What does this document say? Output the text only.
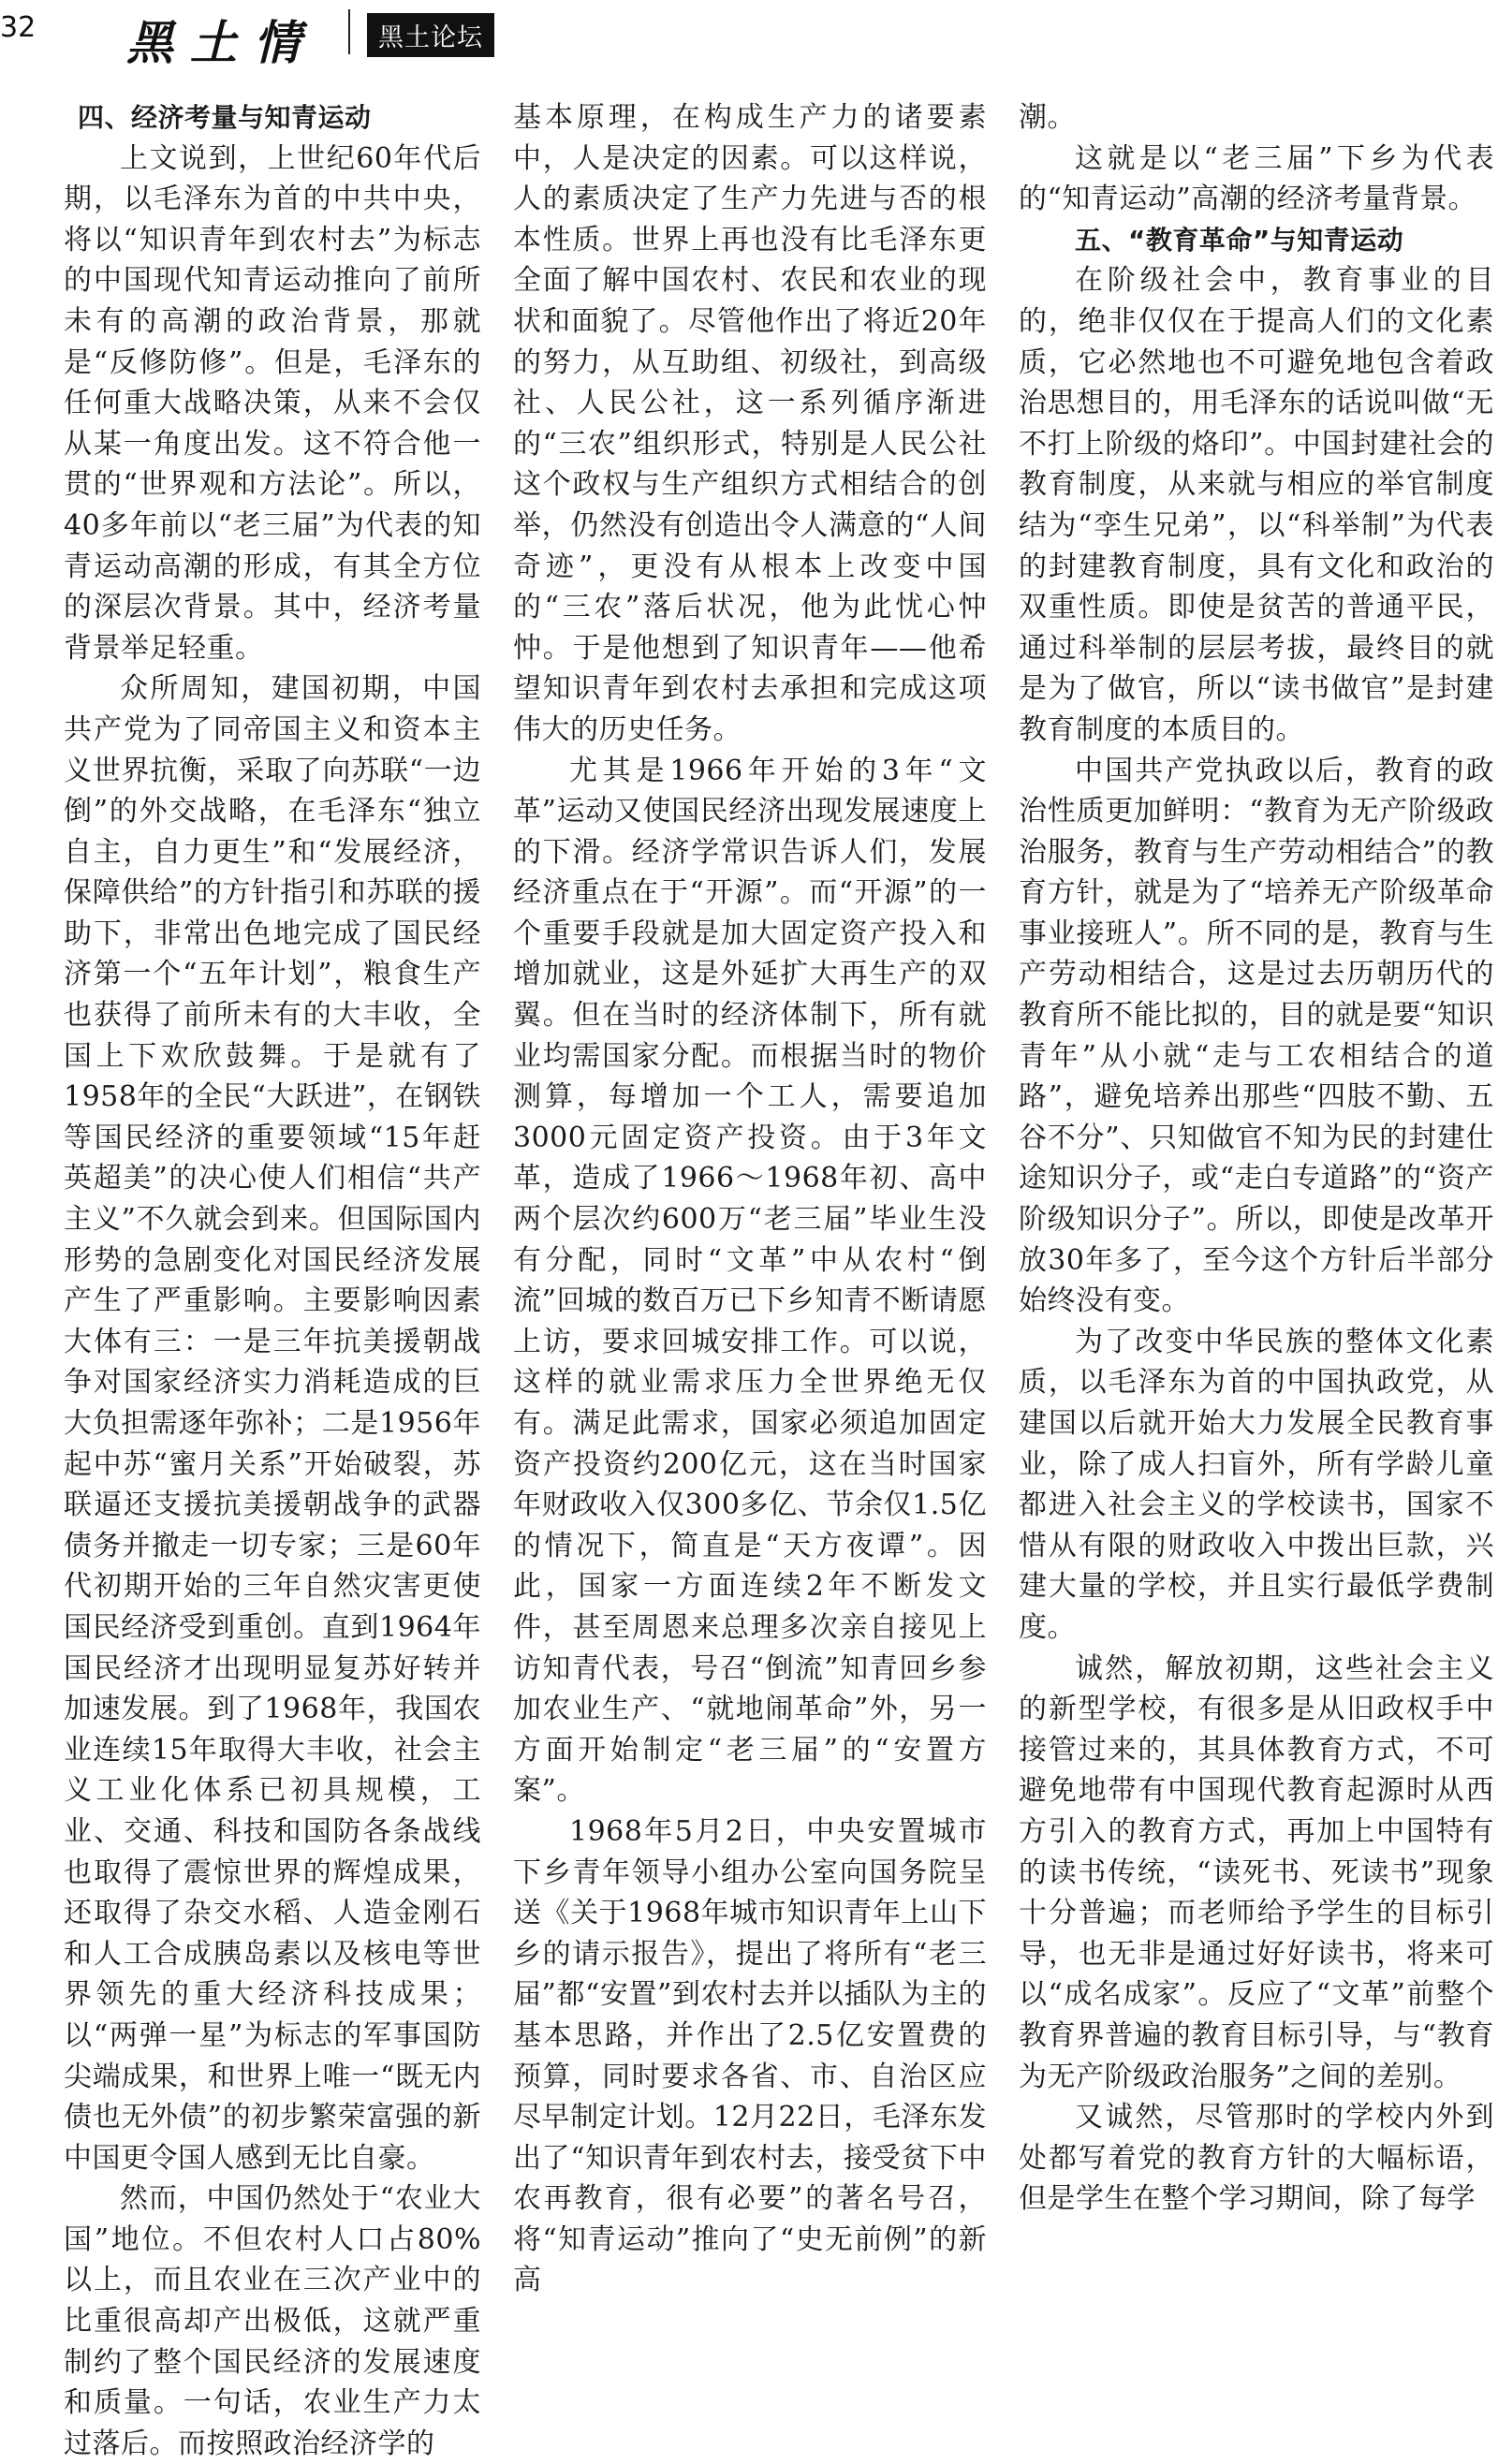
32 黑土情	黑土论坛
四、经济考量与知青运动

上文说到，上世纪60年代后期，以毛泽东为首的中共中央，将以“知识青年到农村去”为标志的中国现代知青运动推向了前所未有的高潮的政治背景，那就是“反修防修”。但是，毛泽东的任何重大战略决策，从来不会仅从某一角度出发。这不符合他一贯的“世界观和方法论”。所以，40多年前以“老三届”为代表的知青运动高潮的形成，有其全方位的深层次背景。其中，经济考量背景举足轻重。

众所周知，建国初期，中国共产党为了同帝国主义和资本主义世界抗衡，采取了向苏联“一边倒”的外交战略，在毛泽东“独立自主，自力更生”和“发展经济，保障供给”的方针指引和苏联的援助下，非常出色地完成了国民经济第一个“五年计划”，粮食生产也获得了前所未有的大丰收，全国上下欢欣鼓舞。于是就有了1958年的全民“大跃进”，在钢铁等国民经济的重要领域“15年赶英超美”的决心使人们相信“共产主义”不久就会到来。但国际国内形势的急剧变化对国民经济发展产生了严重影响。主要影响因素大体有三：一是三年抗美援朝战争对国家经济实力消耗造成的巨大负担需逐年弥补；二是1956年起中苏“蜜月关系”开始破裂，苏联逼还支援抗美援朝战争的武器债务并撤走一切专家；三是60年代初期开始的三年自然灾害更使国民经济受到重创。直到1964年国民经济才出现明显复苏好转并加速发展。到了1968年，我国农业连续15年取得大丰收，社会主义工业化体系已初具规模，工业、交通、科技和国防各条战线也取得了震惊世界的辉煌成果，还取得了杂交水稻、人造金刚石和人工合成胰岛素以及核电等世界领先的重大经济科技成果；以“两弹一星”为标志的军事国防尖端成果，和世界上唯一“既无内债也无外债”的初步繁荣富强的新中国更令国人感到无比自豪。

然而，中国仍然处于“农业大国”地位。不但农村人口占80%以上，而且农业在三次产业中的比重很高却产出极低，这就严重制约了整个国民经济的发展速度和质量。一句话，农业生产力太过落后。而按照政治经济学的

基本原理，在构成生产力的诸要素中，人是决定的因素。可以这样说，人的素质决定了生产力先进与否的根本性质。世界上再也没有比毛泽东更全面了解中国农村、农民和农业的现状和面貌了。尽管他作出了将近20年的努力，从互助组、初级社，到高级社、人民公社，这一系列循序渐进的“三农”组织形式，特别是人民公社这个政权与生产组织方式相结合的创举，仍然没有创造出令人满意的“人间奇迹”，更没有从根本上改变中国的“三农”落后状况，他为此忧心忡忡。于是他想到了知识青年——他希望知识青年到农村去承担和完成这项伟大的历史任务。

尤其是1966年开始的3年“文革”运动又使国民经济出现发展速度上的下滑。经济学常识告诉人们，发展经济重点在于“开源”。而“开源”的一个重要手段就是加大固定资产投入和增加就业，这是外延扩大再生产的双翼。但在当时的经济体制下，所有就业均需国家分配。而根据当时的物价测算，每增加一个工人，需要追加3000元固定资产投资。由于3年文革，造成了1966～1968年初、高中两个层次约600万“老三届”毕业生没有分配，同时“文革”中从农村“倒流”回城的数百万已下乡知青不断请愿上访，要求回城安排工作。可以说，这样的就业需求压力全世界绝无仅有。满足此需求，国家必须追加固定资产投资约200亿元，这在当时国家年财政收入仅300多亿、节余仅1.5亿的情况下，简直是“天方夜谭”。因此，国家一方面连续2年不断发文件，甚至周恩来总理多次亲自接见上访知青代表，号召“倒流”知青回乡参加农业生产、“就地闹革命”外，另一方面开始制定“老三届”的“安置方案”。

1968年5月2日，中央安置城市下乡青年领导小组办公室向国务院呈送《关于1968年城市知识青年上山下乡的请示报告》，提出了将所有“老三届”都“安置”到农村去并以插队为主的基本思路，并作出了2.5亿安置费的预算，同时要求各省、市、自治区应尽早制定计划。12月22日，毛泽东发出了“知识青年到农村去，接受贫下中农再教育，很有必要”的著名号召，将“知青运动”推向了“史无前例”的新高

潮。

这就是以“老三届”下乡为代表的“知青运动”高潮的经济考量背景。

五、“教育革命”与知青运动

在阶级社会中，教育事业的目的，绝非仅仅在于提高人们的文化素质，它必然地也不可避免地包含着政治思想目的，用毛泽东的话说叫做“无不打上阶级的烙印”。中国封建社会的教育制度，从来就与相应的举官制度结为“孪生兄弟”，以“科举制”为代表的封建教育制度，具有文化和政治的双重性质。即使是贫苦的普通平民，通过科举制的层层考拔，最终目的就是为了做官，所以“读书做官”是封建教育制度的本质目的。

中国共产党执政以后，教育的政治性质更加鲜明：“教育为无产阶级政治服务，教育与生产劳动相结合”的教育方针，就是为了“培养无产阶级革命事业接班人”。所不同的是，教育与生产劳动相结合，这是过去历朝历代的教育所不能比拟的，目的就是要“知识青年”从小就“走与工农相结合的道路”，避免培养出那些“四肢不勤、五谷不分”、只知做官不知为民的封建仕途知识分子，或“走白专道路”的“资产阶级知识分子”。所以，即使是改革开放30年多了，至今这个方针后半部分始终没有变。

为了改变中华民族的整体文化素质，以毛泽东为首的中国执政党，从建国以后就开始大力发展全民教育事业，除了成人扫盲外，所有学龄儿童都进入社会主义的学校读书，国家不惜从有限的财政收入中拨出巨款，兴建大量的学校，并且实行最低学费制度。

诚然，解放初期，这些社会主义的新型学校，有很多是从旧政权手中接管过来的，其具体教育方式，不可避免地带有中国现代教育起源时从西方引入的教育方式，再加上中国特有的读书传统，“读死书、死读书”现象十分普遍；而老师给予学生的目标引导，也无非是通过好好读书，将来可以“成名成家”。反应了“文革”前整个教育界普遍的教育目标引导，与“教育为无产阶级政治服务”之间的差别。

又诚然，尽管那时的学校内外到处都写着党的教育方针的大幅标语，但是学生在整个学习期间，除了每学
